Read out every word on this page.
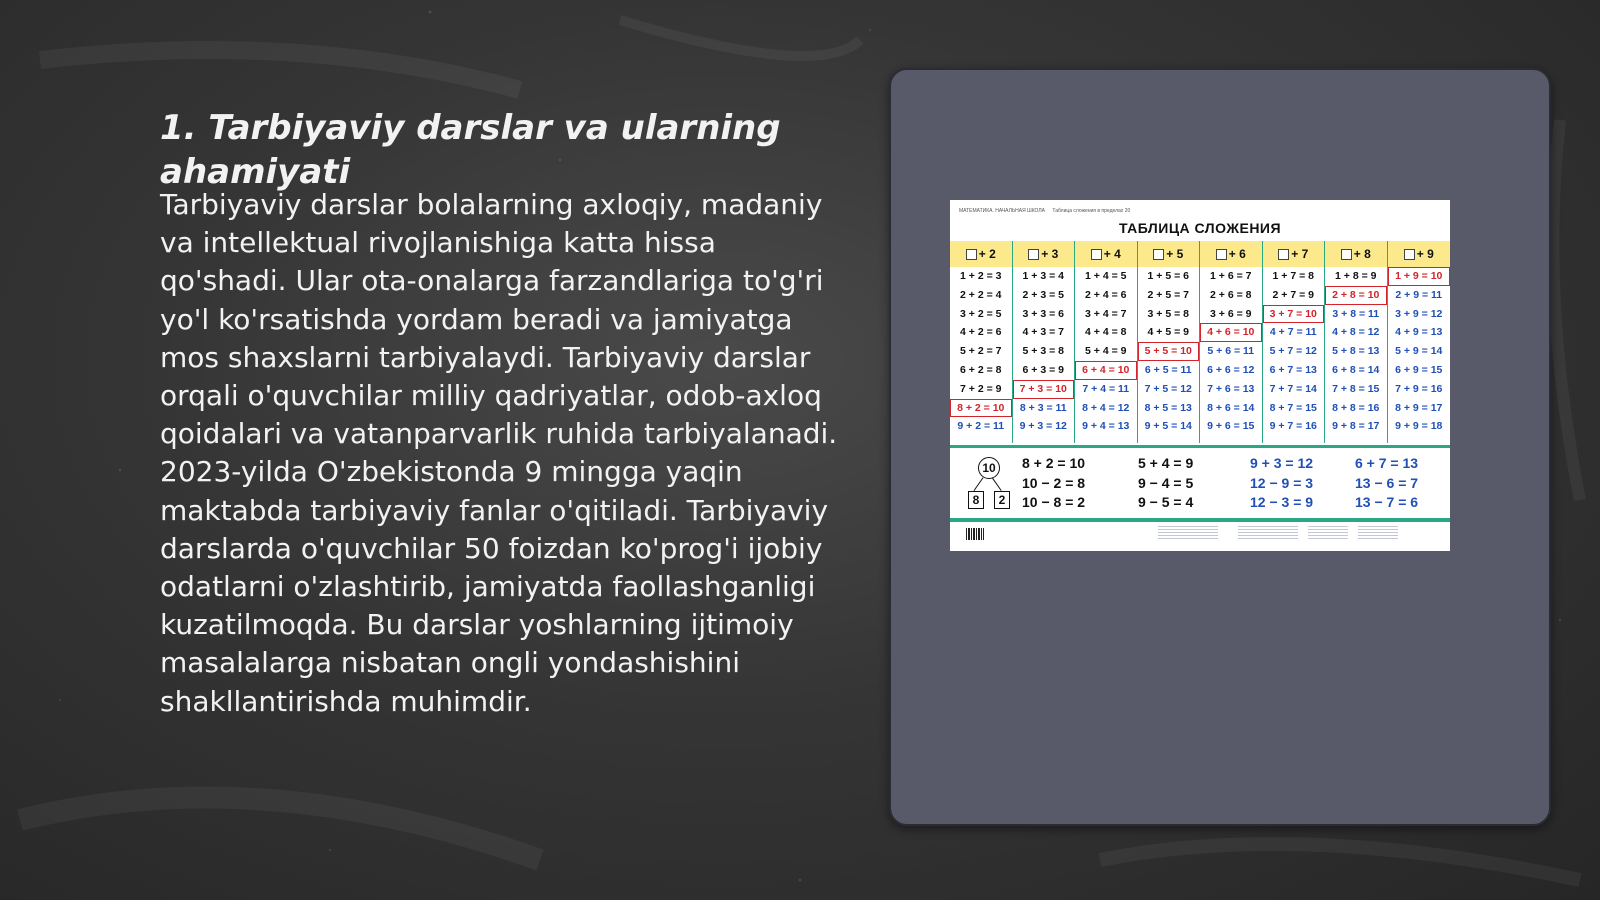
1. Tarbiyaviy darslar va ularning ahamiyati

Tarbiyaviy darslar bolalarning axloqiy, madaniy va intellektual rivojlanishiga katta hissa qo'shadi. Ular ota-onalarga farzandlariga to'g'ri yo'l ko'rsatishda yordam beradi va jamiyatga mos shaxslarni tarbiyalaydi. Tarbiyaviy darslar orqali o'quvchilar milliy qadriyatlar, odob-axloq qoidalari va vatanparvarlik ruhida tarbiyalanadi. 2023-yilda O'zbekistonda 9 mingga yaqin maktabda tarbiyaviy fanlar o'qitiladi. Tarbiyaviy darslarda o'quvchilar 50 foizdan ko'prog'i ijobiy odatlarni o'zlashtirib, jamiyatda faollashganligi kuzatilmoqda. Bu darslar yoshlarning ijtimoiy masalalarga nisbatan ongli yondashishini shakllantirishda muhimdir.

МАТЕМАТИКА. НАЧАЛЬНАЯ ШКОЛА Таблица сложения в пределах 20
ТАБЛИЦА СЛОЖЕНИЯ
+ 2
1 + 2 = 3
2 + 2 = 4
3 + 2 = 5
4 + 2 = 6
5 + 2 = 7
6 + 2 = 8
7 + 2 = 9
8 + 2 = 10
9 + 2 = 11
+ 3
1 + 3 = 4
2 + 3 = 5
3 + 3 = 6
4 + 3 = 7
5 + 3 = 8
6 + 3 = 9
7 + 3 = 10
8 + 3 = 11
9 + 3 = 12
+ 4
1 + 4 = 5
2 + 4 = 6
3 + 4 = 7
4 + 4 = 8
5 + 4 = 9
6 + 4 = 10
7 + 4 = 11
8 + 4 = 12
9 + 4 = 13
+ 5
1 + 5 = 6
2 + 5 = 7
3 + 5 = 8
4 + 5 = 9
5 + 5 = 10
6 + 5 = 11
7 + 5 = 12
8 + 5 = 13
9 + 5 = 14
+ 6
1 + 6 = 7
2 + 6 = 8
3 + 6 = 9
4 + 6 = 10
5 + 6 = 11
6 + 6 = 12
7 + 6 = 13
8 + 6 = 14
9 + 6 = 15
+ 7
1 + 7 = 8
2 + 7 = 9
3 + 7 = 10
4 + 7 = 11
5 + 7 = 12
6 + 7 = 13
7 + 7 = 14
8 + 7 = 15
9 + 7 = 16
+ 8
1 + 8 = 9
2 + 8 = 10
3 + 8 = 11
4 + 8 = 12
5 + 8 = 13
6 + 8 = 14
7 + 8 = 15
8 + 8 = 16
9 + 8 = 17
+ 9
1 + 9 = 10
2 + 9 = 11
3 + 9 = 12
4 + 9 = 13
5 + 9 = 14
6 + 9 = 15
7 + 9 = 16
8 + 9 = 17
9 + 9 = 18
10
8	2
8 + 2 = 10
10 − 2 = 8
10 − 8 = 2
5 + 4 = 9
9 − 4 = 5
9 − 5 = 4
9 + 3 = 12
12 − 9 = 3
12 − 3 = 9
6 + 7 = 13
13 − 6 = 7
13 − 7 = 6
